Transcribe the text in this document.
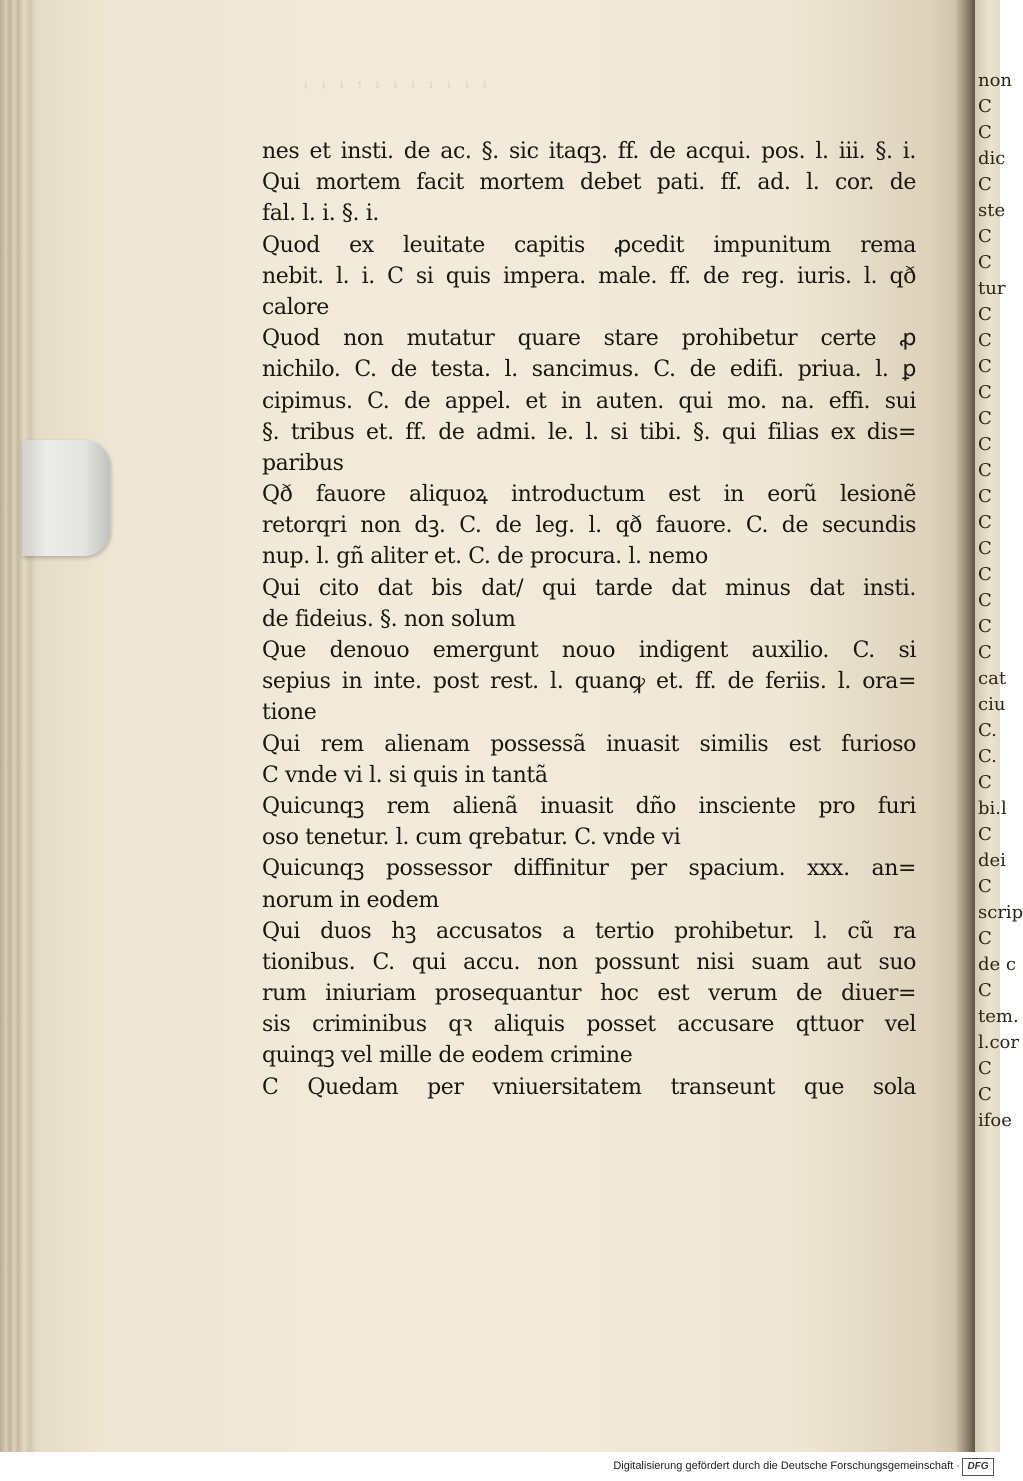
ⸯ ⸯ ⸯ ⸯ ⸯ ⸯ ⸯ ⸯ ⸯ ⸯ ⸯ
nes et insti. de ac. §. sic itaqꝫ. ff. de acqui. pos. l. iii. §. i.
Qui mortem facit mortem debet pati. ff. ad. l. cor. de
fal. l. i. §. i.
Quod ex leuitate capitis ꝓcedit impunitum rema
nebit. l. i. C si quis impera. male. ff. de reg. iuris. l. qð
calore
Quod non mutatur quare stare prohibetur certe ꝓ
nichilo. C. de testa. l. sancimus. C. de edifi. priua. l. ꝑ
cipimus. C. de appel. et in auten. qui mo. na. effi. sui
§. tribus et. ff. de admi. le. l. si tibi. §. qui filias ex dis=
paribus
Qð fauore aliquoꝝ introductum est in eorũ lesionẽ
retorqri non dꝫ. C. de leg. l. qð fauore. C. de secundis
nup. l. gñ aliter et. C. de procura. l. nemo
Qui cito dat bis dat/ qui tarde dat minus dat insti.
de fideius. §. non solum
Que denouo emergunt nouo indigent auxilio. C. si
sepius in inte. post rest. l. quanꝙ et. ff. de feriis. l. ora=
tione
Qui rem alienam possessã inuasit similis est furioso
C vnde vi l. si quis in tantã
Quicunqꝫ rem alienã inuasit dño insciente pro furi
oso tenetur. l. cum qrebatur. C. vnde vi
Quicunqꝫ possessor diffinitur per spacium. xxx. an=
norum in eodem
Qui duos hꝫ accusatos a tertio prohibetur. l. cũ ra
tionibus. C. qui accu. non possunt nisi suam aut suo
rum iniuriam prosequantur hoc est verum de diuer=
sis criminibus qꝛ aliquis posset accusare qttuor vel
quinqꝫ vel mille de eodem crimine
C Quedam per vniuersitatem transeunt que sola
non
C
C
dic
C
ste
C
C
tur
C
C
C
C
C
C
C
C
C
C
C
C
C
C
cat
ciu
C.
C.
C
bi.l
C
dei
C
scrip
C
de c
C
tem.
l.cor
C
C
ifoe
Digitalisierung gefördert durch die Deutsche Forschungsgemeinschaft · DFG
